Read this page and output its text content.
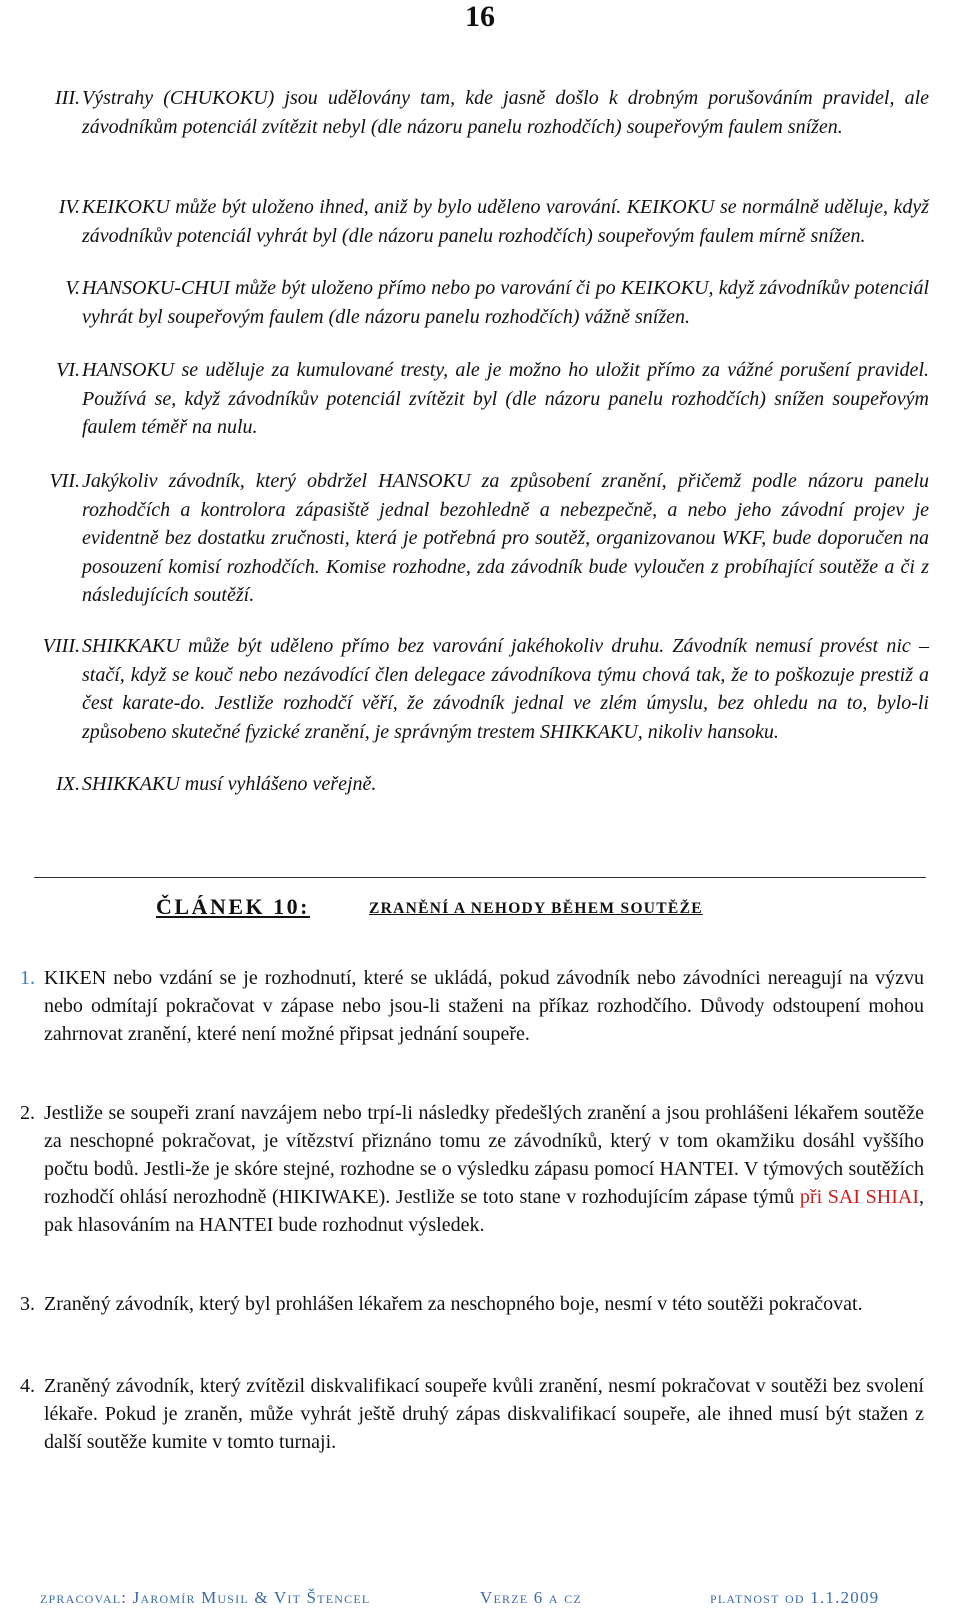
16
III. Výstrahy (CHUKOKU) jsou udělovány tam, kde jasně došlo k drobným porušováním pravidel, ale závodníkům potenciál zvítězit nebyl (dle názoru panelu rozhodčích) soupeřovým faulem snížen.
IV. KEIKOKU může být uloženo ihned, aniž by bylo uděleno varování. KEIKOKU se normálně uděluje, když závodníkův potenciál vyhrát byl (dle názoru panelu rozhodčích) soupeřovým faulem mírně snížen.
V. HANSOKU-CHUI může být uloženo přímo nebo po varování či po KEIKOKU, když závodníkův potenciál vyhrát byl soupeřovým faulem (dle názoru panelu rozhodčích) vážně snížen.
VI. HANSOKU se uděluje za kumulované tresty, ale je možno ho uložit přímo za vážné porušení pravidel. Používá se, když závodníkův potenciál zvítězit byl (dle názoru panelu rozhodčích) snížen soupeřovým faulem téměř na nulu.
VII. Jakýkoliv závodník, který obdržel HANSOKU za způsobení zranění, přičemž podle názoru panelu rozhodčích a kontrolora zápasiště jednal bezohledně a nebezpečně, a nebo jeho závodní projev je evidentně bez dostatku zručnosti, která je potřebná pro soutěž, organizovanou WKF, bude doporučen na posouzení komisí rozhodčích. Komise rozhodne, zda závodník bude vyloučen z probíhající soutěže a či z následujících soutěží.
VIII. SHIKKAKU může být uděleno přímo bez varování jakéhokoliv druhu. Závodník nemusí provést nic – stačí, když se kouč nebo nezávodící člen delegace závodníkova týmu chová tak, že to poškozuje prestiž a čest karate-do. Jestliže rozhodčí věří, že závodník jednal ve zlém úmyslu, bez ohledu na to, bylo-li způsobeno skutečné fyzické zranění, je správným trestem SHIKKAKU, nikoliv hansoku.
IX. SHIKKAKU musí vyhlášeno veřejně.
ČLÁNEK 10:	ZRANĚNÍ A NEHODY BĚHEM SOUTĚŽE
1. KIKEN nebo vzdání se je rozhodnutí, které se ukládá, pokud závodník nebo závodníci nereagují na výzvu nebo odmítají pokračovat v zápase nebo jsou-li staženi na příkaz rozhodčího. Důvody odstoupení mohou zahrnovat zranění, které není možné připsat jednání soupeře.
2. Jestliže se soupeři zraní navzájem nebo trpí-li následky předešlých zranění a jsou prohlášeni lékařem soutěže za neschopné pokračovat, je vítězství přiznáno tomu ze závodníků, který v tom okamžiku dosáhl vyššího počtu bodů. Jestli-že je skóre stejné, rozhodne se o výsledku zápasu pomocí HANTEI. V týmových soutěžích rozhodčí ohlásí nerozhodně (HIKIWAKE). Jestliže se toto stane v rozhodujícím zápase týmů při SAI SHIAI, pak hlasováním na HANTEI bude rozhodnut výsledek.
3. Zraněný závodník, který byl prohlášen lékařem za neschopného boje, nesmí v této soutěži pokračovat.
4. Zraněný závodník, který zvítězil diskvalifikací soupeře kvůli zranění, nesmí pokračovat v soutěži bez svolení lékaře. Pokud je zraněn, může vyhrát ještě druhý zápas diskvalifikací soupeře, ale ihned musí být stažen z další soutěže kumite v tomto turnaji.
zpracoval: Jaromír Musil & Vit Štencel	Verze 6 a cz	platnost od 1.1.2009
